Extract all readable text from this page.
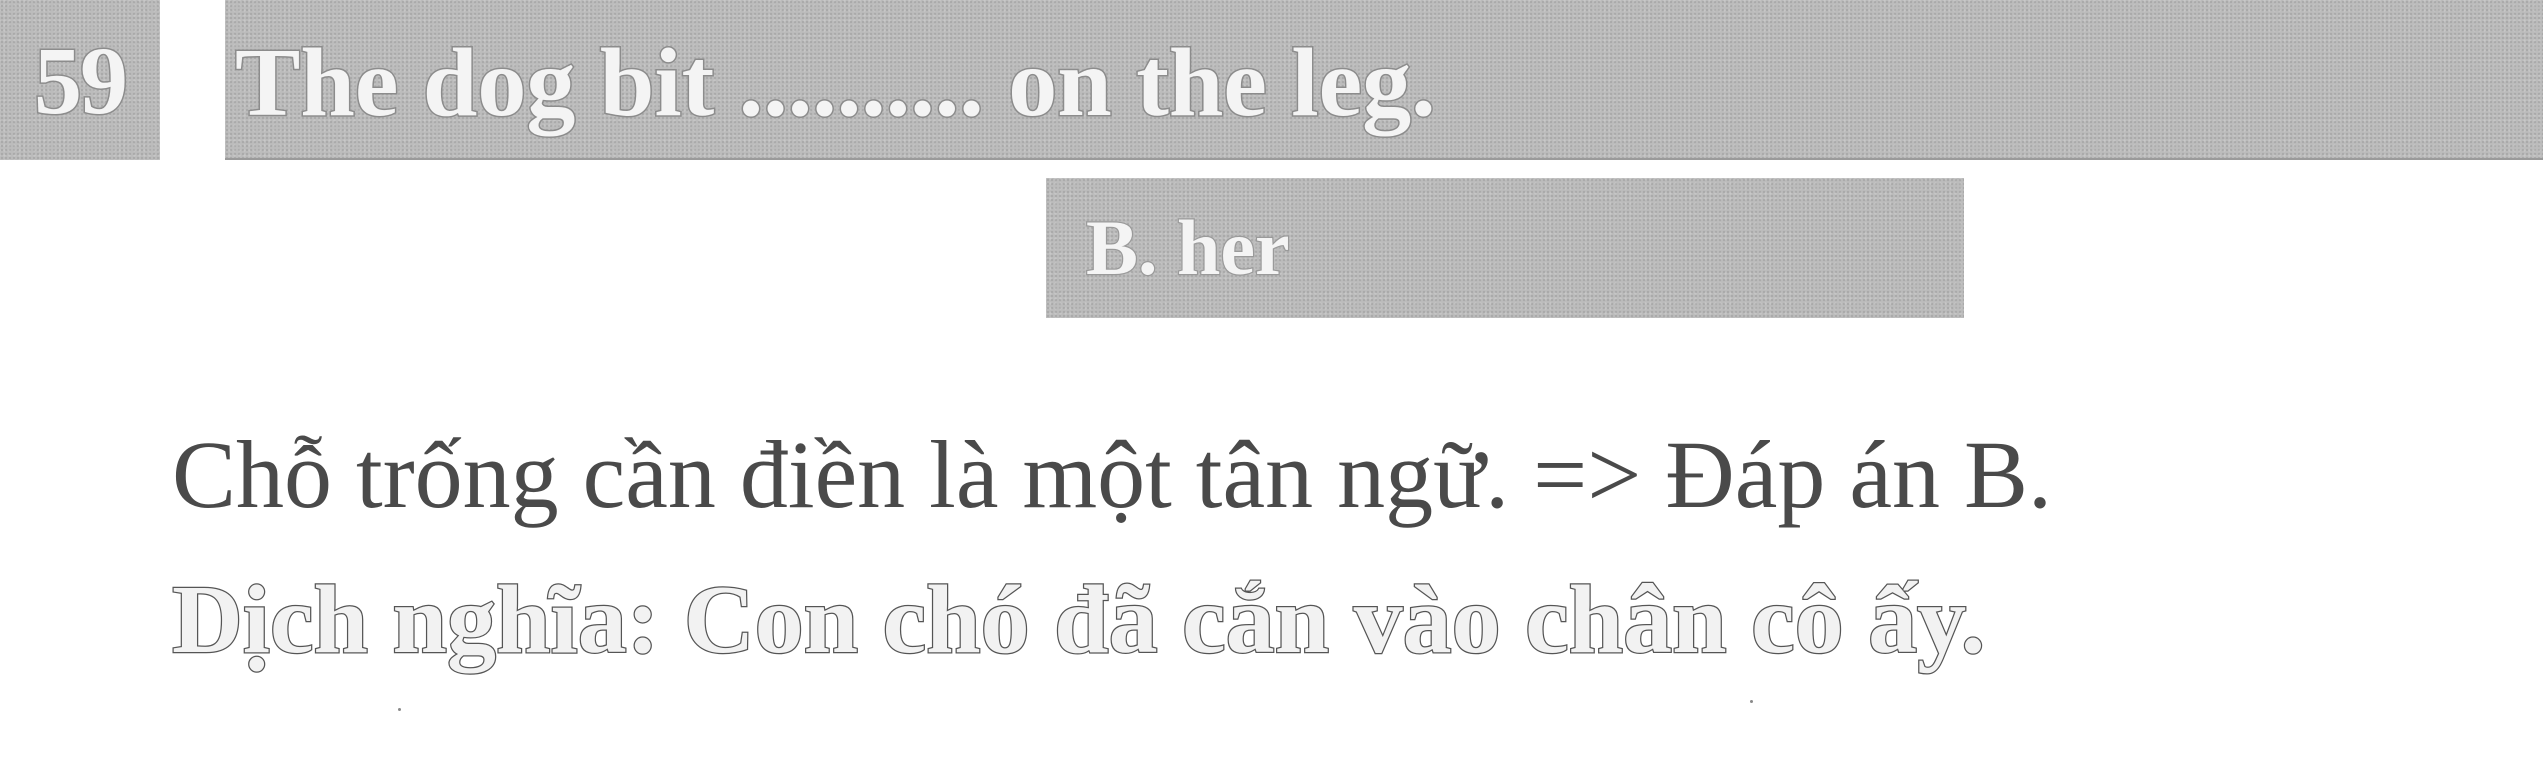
59 The dog bit .......... on the leg.
B. her
Chỗ trống cần điền là một tân ngữ. => Đáp án B.
Dịch nghĩa: Con chó đã cắn vào chân cô ấy.
